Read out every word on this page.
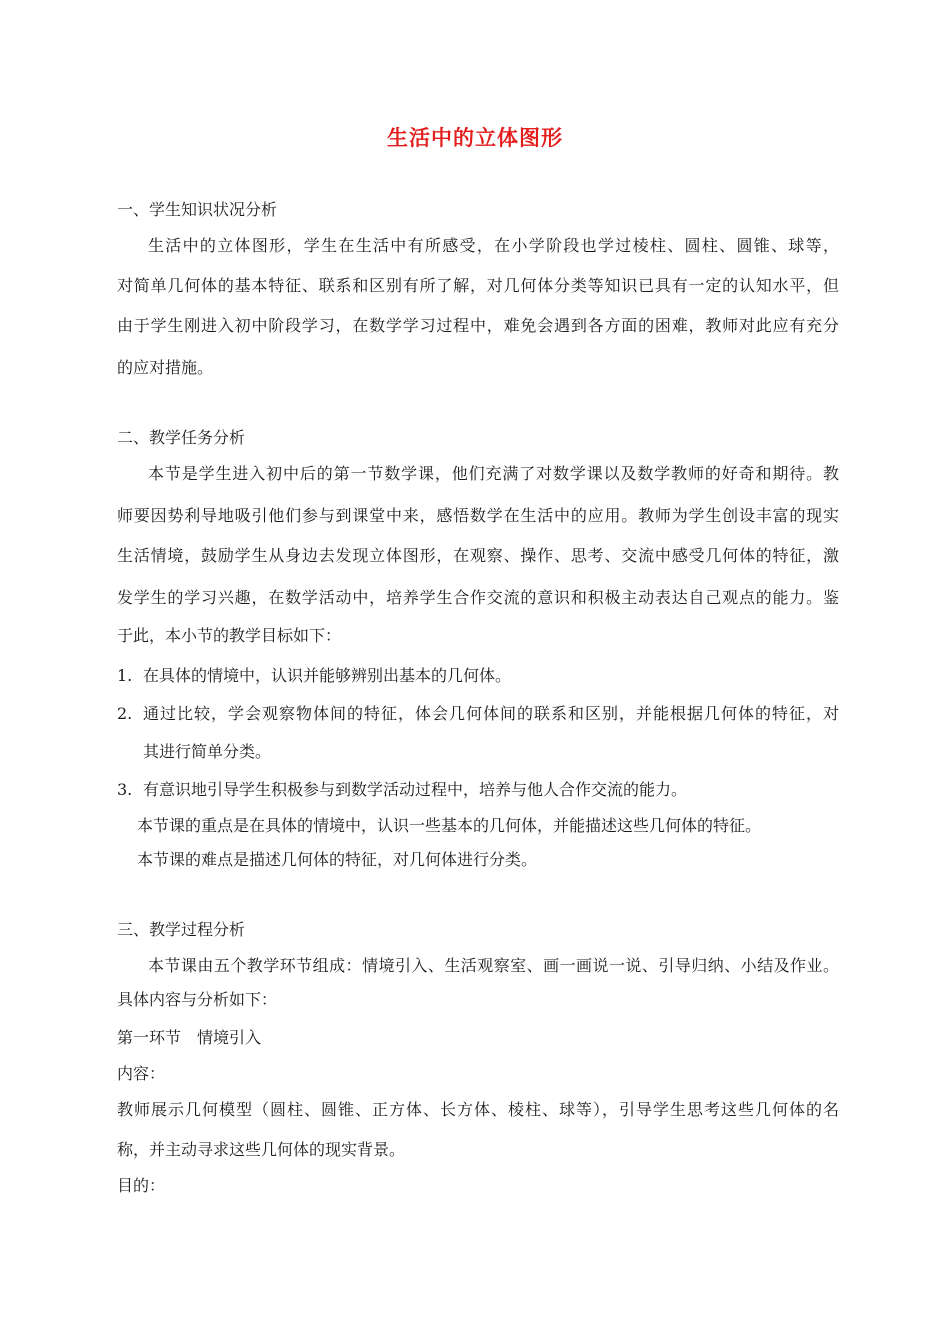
生活中的立体图形
一、学生知识状况分析
生活中的立体图形，学生在生活中有所感受，在小学阶段也学过棱柱、圆柱、圆锥、球等，
对简单几何体的基本特征、联系和区别有所了解，对几何体分类等知识已具有一定的认知水平，但
由于学生刚进入初中阶段学习，在数学学习过程中，难免会遇到各方面的困难，教师对此应有充分
的应对措施。
二、教学任务分析
本节是学生进入初中后的第一节数学课，他们充满了对数学课以及数学教师的好奇和期待。教
师要因势利导地吸引他们参与到课堂中来，感悟数学在生活中的应用。教师为学生创设丰富的现实
生活情境，鼓励学生从身边去发现立体图形，在观察、操作、思考、交流中感受几何体的特征，激
发学生的学习兴趣，在数学活动中，培养学生合作交流的意识和积极主动表达自己观点的能力。鉴
于此，本小节的教学目标如下：
1. 在具体的情境中，认识并能够辨别出基本的几何体。
2. 通过比较，学会观察物体间的特征，体会几何体间的联系和区别，并能根据几何体的特征，对
其进行简单分类。
3. 有意识地引导学生积极参与到数学活动过程中，培养与他人合作交流的能力。
本节课的重点是在具体的情境中，认识一些基本的几何体，并能描述这些几何体的特征。
本节课的难点是描述几何体的特征，对几何体进行分类。
三、教学过程分析
本节课由五个教学环节组成：情境引入、生活观察室、画一画说一说、引导归纳、小结及作业。
具体内容与分析如下：
第一环节　情境引入
内容：
教师展示几何模型（圆柱、圆锥、正方体、长方体、棱柱、球等），引导学生思考这些几何体的名
称，并主动寻求这些几何体的现实背景。
目的：
